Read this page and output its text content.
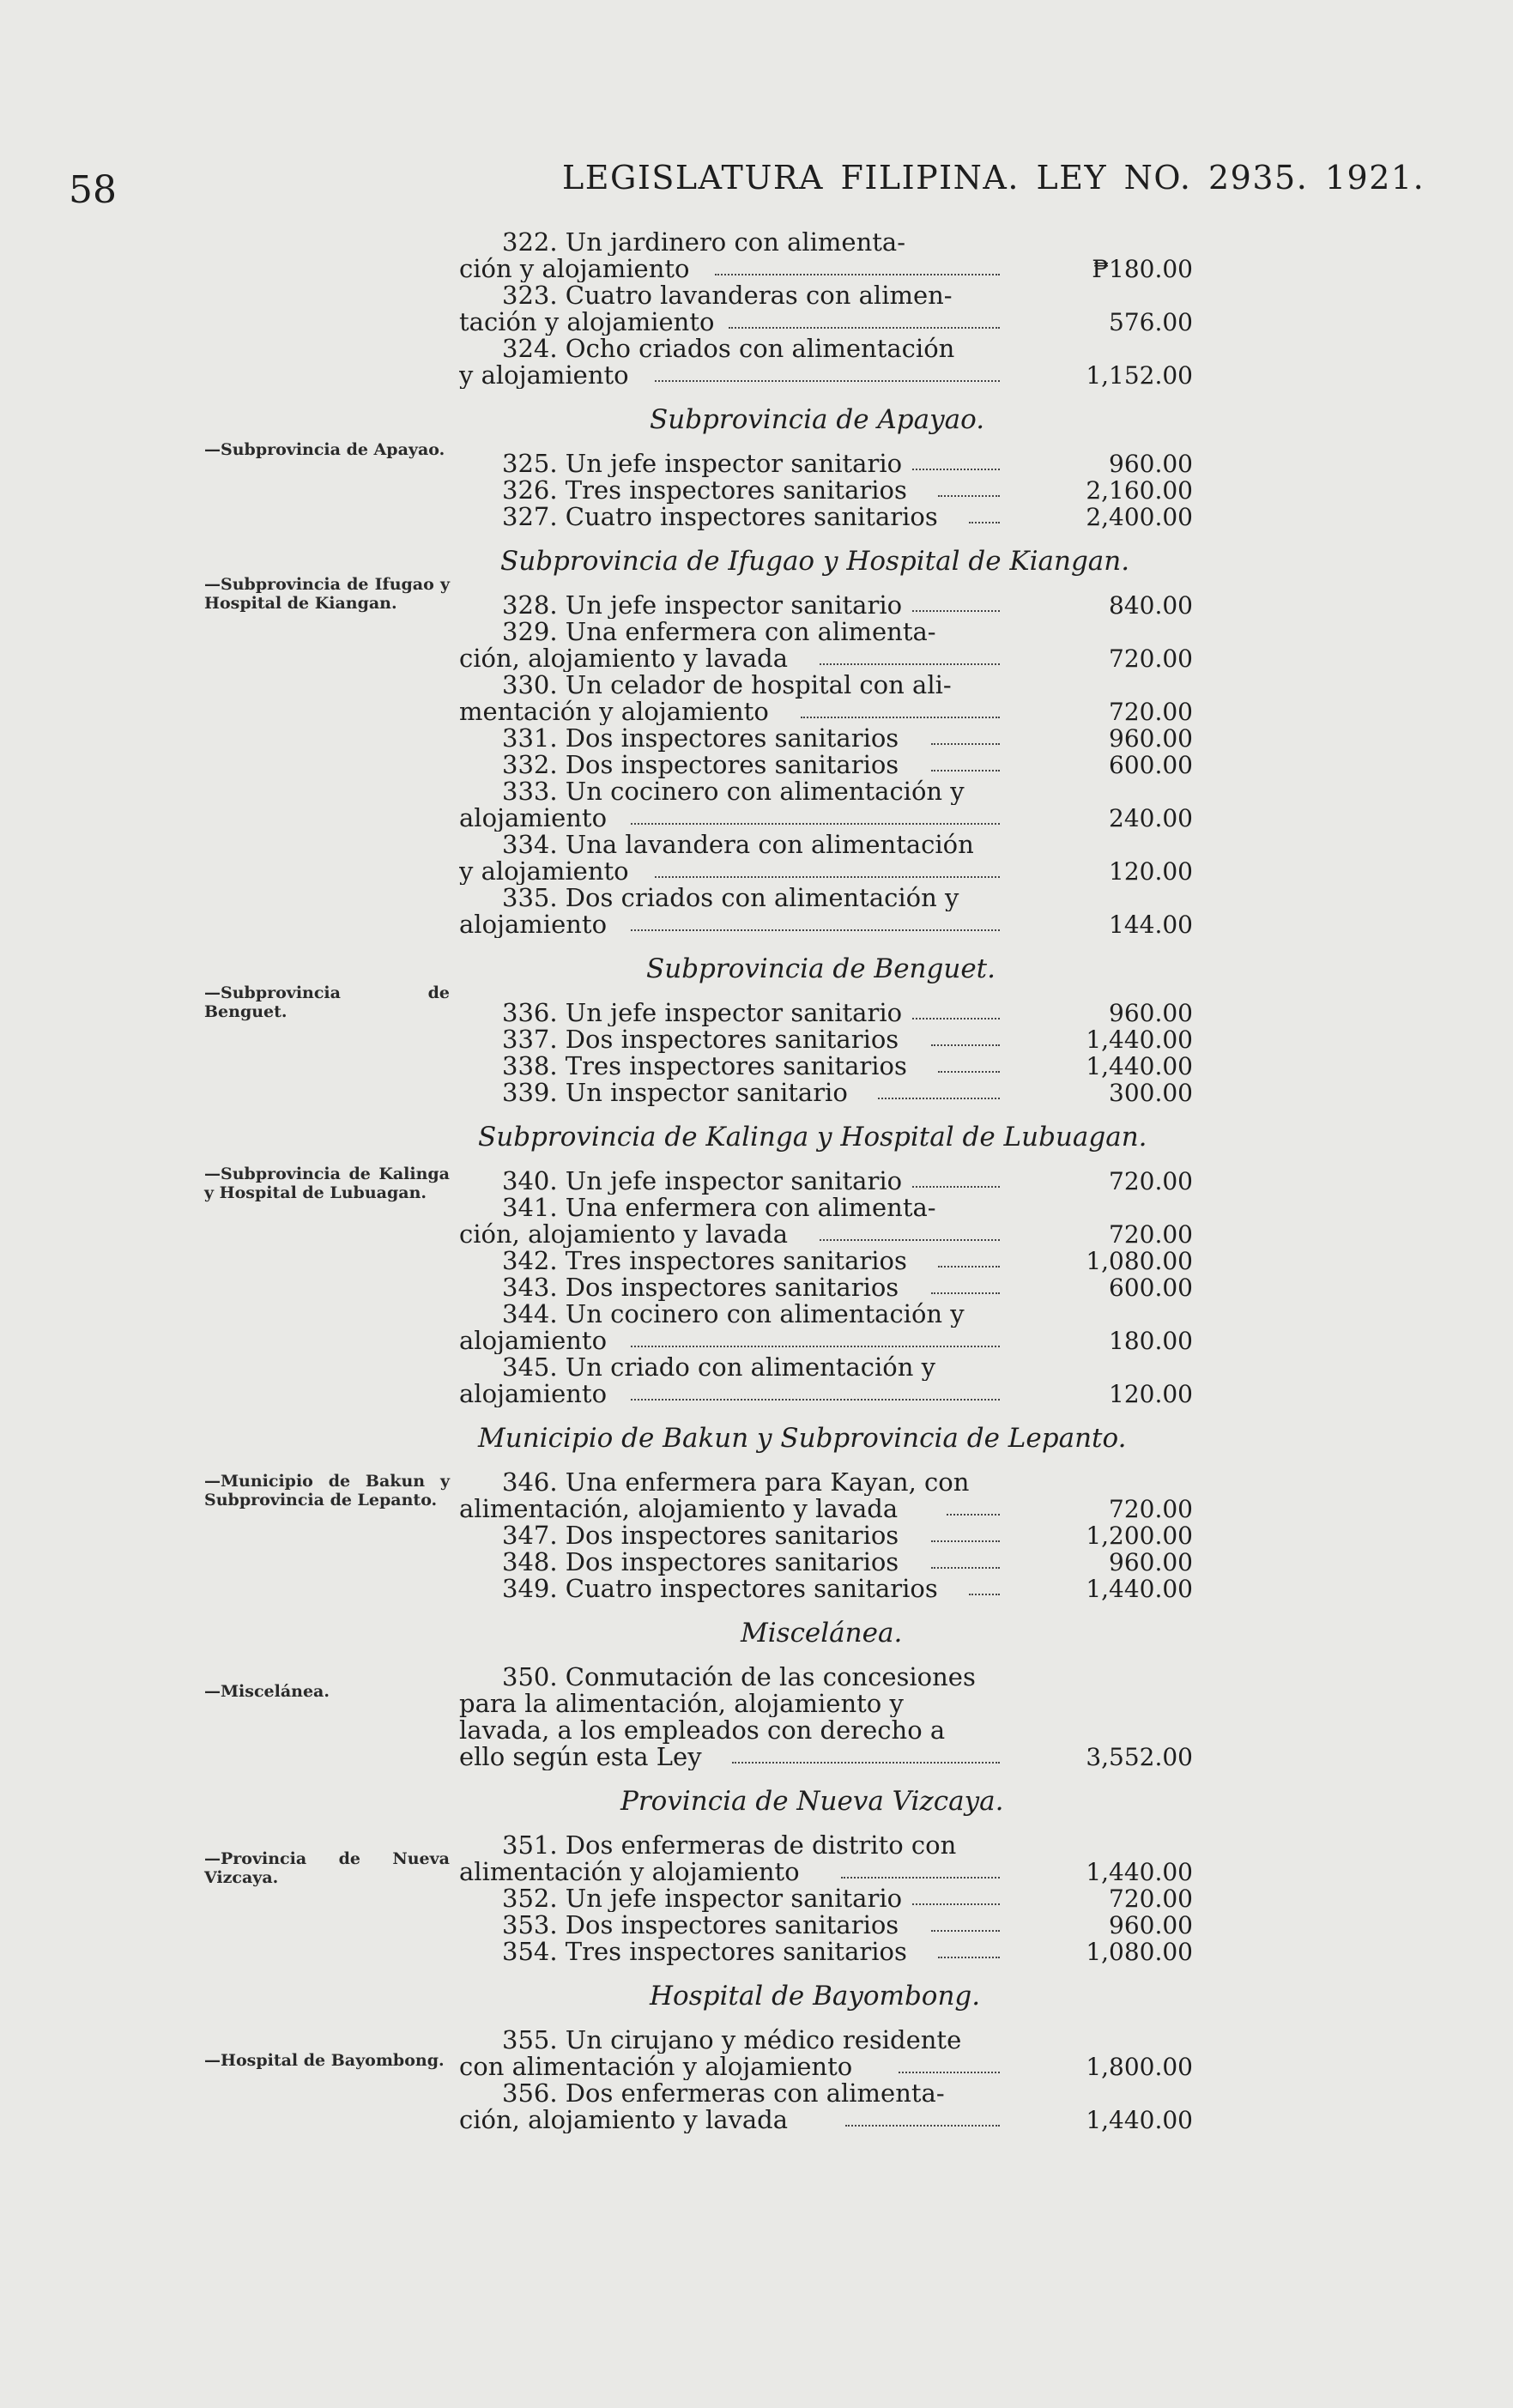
58	LEGISLATURA FILIPINA. LEY NO. 2935. 1921.
322. Un jardinero con alimenta-
ción y alojamiento	₱180.00
323. Cuatro lavanderas con alimen-
tación y alojamiento	576.00
324. Ocho criados con alimentación
y alojamiento	1,152.00
Subprovincia de Apayao.
325. Un jefe inspector sanitario	960.00
326. Tres inspectores sanitarios	2,160.00
327. Cuatro inspectores sanitarios	2,400.00
Subprovincia de Ifugao y Hospital de Kiangan.
328. Un jefe inspector sanitario	840.00
329. Una enfermera con alimenta-
ción, alojamiento y lavada	720.00
330. Un celador de hospital con ali-
mentación y alojamiento	720.00
331. Dos inspectores sanitarios	960.00
332. Dos inspectores sanitarios	600.00
333. Un cocinero con alimentación y
alojamiento	240.00
334. Una lavandera con alimentación
y alojamiento	120.00
335. Dos criados con alimentación y
alojamiento	144.00
Subprovincia de Benguet.
336. Un jefe inspector sanitario	960.00
337. Dos inspectores sanitarios	1,440.00
338. Tres inspectores sanitarios	1,440.00
339. Un inspector sanitario	300.00
Subprovincia de Kalinga y Hospital de Lubuagan.
340. Un jefe inspector sanitario	720.00
341. Una enfermera con alimenta-
ción, alojamiento y lavada	720.00
342. Tres inspectores sanitarios	1,080.00
343. Dos inspectores sanitarios	600.00
344. Un cocinero con alimentación y
alojamiento	180.00
345. Un criado con alimentación y
alojamiento	120.00
Municipio de Bakun y Subprovincia de Lepanto.
346. Una enfermera para Kayan, con
alimentación, alojamiento y lavada	720.00
347. Dos inspectores sanitarios	1,200.00
348. Dos inspectores sanitarios	960.00
349. Cuatro inspectores sanitarios	1,440.00
Miscelánea.
350. Conmutación de las concesiones
para la alimentación, alojamiento y
lavada, a los empleados con derecho a
ello según esta Ley	3,552.00
Provincia de Nueva Vizcaya.
351. Dos enfermeras de distrito con
alimentación y alojamiento	1,440.00
352. Un jefe inspector sanitario	720.00
353. Dos inspectores sanitarios	960.00
354. Tres inspectores sanitarios	1,080.00
Hospital de Bayombong.
355. Un cirujano y médico residente
con alimentación y alojamiento	1,800.00
356. Dos enfermeras con alimenta-
ción, alojamiento y lavada	1,440.00
—Subprovincia de Apayao.
—Subprovincia de Ifugao y Hospital de Kiangan.
—Subprovincia de Benguet.
—Subprovincia de Kalinga y Hospital de Lubuagan.
—Municipio de Bakun y Subprovincia de Lepanto.
—Miscelánea.
—Provincia de Nueva Vizcaya.
—Hospital de Bayombong.
